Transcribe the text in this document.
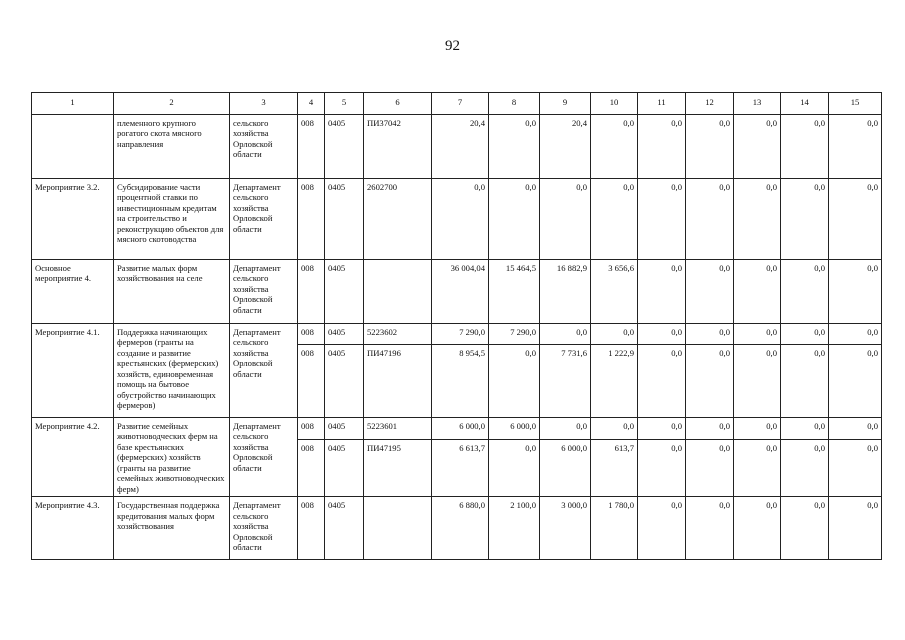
92
1	2	3	4	5	6	7	8	9	10	11	12	13	14	15
	племенного крупного рогатого скота мясного направления	сельского хозяйства Орловской области	008	0405	ПИ37042	20,4	0,0	20,4	0,0	0,0	0,0	0,0	0,0	0,0
Мероприятие 3.2.	Субсидирование части процентной ставки по инвестиционным кредитам на строительство и реконструкцию объектов для мясного скотоводства	Департамент сельского хозяйства Орловской области	008	0405	2602700	0,0	0,0	0,0	0,0	0,0	0,0	0,0	0,0	0,0
Основное мероприятие 4.	Развитие малых форм хозяйствования на селе	Департамент сельского хозяйства Орловской области	008	0405		36 004,04	15 464,5	16 882,9	3 656,6	0,0	0,0	0,0	0,0	0,0
Мероприятие 4.1.	Поддержка начинающих фермеров (гранты на создание и развитие крестьянских (фермерских) хозяйств, единовременная помощь на бытовое обустройство начинающих фермеров)	Департамент сельского хозяйства Орловской области	008	0405	5223602	7 290,0	7 290,0	0,0	0,0	0,0	0,0	0,0	0,0	0,0
			008	0405	ПИ47196	8 954,5	0,0	7 731,6	1 222,9	0,0	0,0	0,0	0,0	0,0
Мероприятие 4.2.	Развитие семейных животноводческих ферм на базе крестьянских (фермерских) хозяйств (гранты на развитие семейных животноводческих ферм)	Департамент сельского хозяйства Орловской области	008	0405	5223601	6 000,0	6 000,0	0,0	0,0	0,0	0,0	0,0	0,0	0,0
			008	0405	ПИ47195	6 613,7	0,0	6 000,0	613,7	0,0	0,0	0,0	0,0	0,0
Мероприятие 4.3.	Государственная поддержка кредитования малых форм хозяйствования	Департамент сельского хозяйства Орловской области	008	0405		6 880,0	2 100,0	3 000,0	1 780,0	0,0	0,0	0,0	0,0	0,0
